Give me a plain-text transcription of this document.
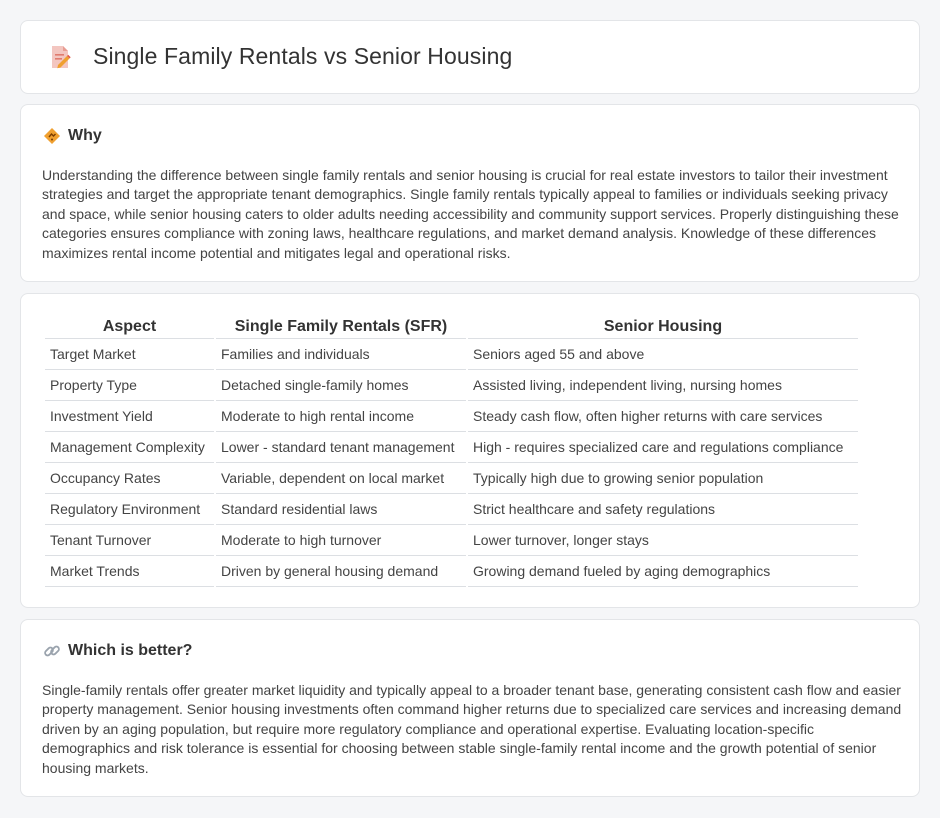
Single Family Rentals vs Senior Housing
Why

Understanding the difference between single family rentals and senior housing is crucial for real estate investors to tailor their investment strategies and target the appropriate tenant demographics. Single family rentals typically appeal to families or individuals seeking privacy and space, while senior housing caters to older adults needing accessibility and community support services. Properly distinguishing these categories ensures compliance with zoning laws, healthcare regulations, and market demand analysis. Knowledge of these differences maximizes rental income potential and mitigates legal and operational risks.

Aspect	Single Family Rentals (SFR)	Senior Housing
Target Market	Families and individuals	Seniors aged 55 and above
Property Type	Detached single-family homes	Assisted living, independent living, nursing homes
Investment Yield	Moderate to high rental income	Steady cash flow, often higher returns with care services
Management Complexity	Lower - standard tenant management	High - requires specialized care and regulations compliance
Occupancy Rates	Variable, dependent on local market	Typically high due to growing senior population
Regulatory Environment	Standard residential laws	Strict healthcare and safety regulations
Tenant Turnover	Moderate to high turnover	Lower turnover, longer stays
Market Trends	Driven by general housing demand	Growing demand fueled by aging demographics
Which is better?

Single-family rentals offer greater market liquidity and typically appeal to a broader tenant base, generating consistent cash flow and easier property management. Senior housing investments often command higher returns due to specialized care services and increasing demand driven by an aging population, but require more regulatory compliance and operational expertise. Evaluating location-specific demographics and risk tolerance is essential for choosing between stable single-family rental income and the growth potential of senior housing markets.
